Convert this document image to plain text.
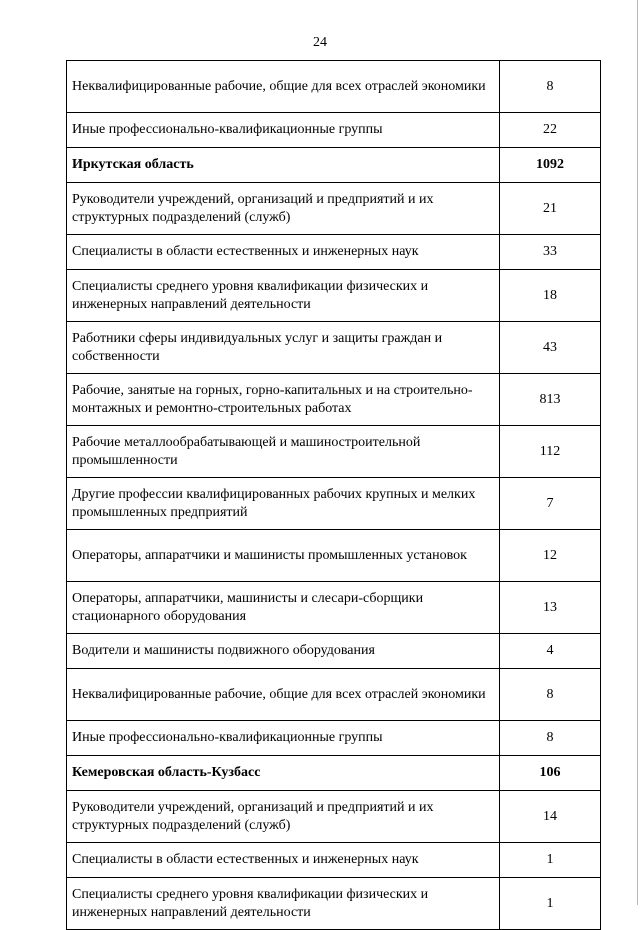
24
Неквалифицированные рабочие, общие для всех отраслей экономики	8
Иные профессионально-квалификационные группы	22
Иркутская область	1092
Руководители учреждений, организаций и предприятий и их структурных подразделений (служб)	21
Специалисты в области естественных и инженерных наук	33
Специалисты среднего уровня квалификации физических и инженерных направлений деятельности	18
Работники сферы индивидуальных услуг и защиты граждан и собственности	43
Рабочие, занятые на горных, горно-капитальных и на строительно-монтажных и ремонтно-строительных работах	813
Рабочие металлообрабатывающей и машиностроительной промышленности	112
Другие профессии квалифицированных рабочих крупных и мелких промышленных предприятий	7
Операторы, аппаратчики и машинисты промышленных установок	12
Операторы, аппаратчики, машинисты и слесари-сборщики стационарного оборудования	13
Водители и машинисты подвижного оборудования	4
Неквалифицированные рабочие, общие для всех отраслей экономики	8
Иные профессионально-квалификационные группы	8
Кемеровская область-Кузбасс	106
Руководители учреждений, организаций и предприятий и их структурных подразделений (служб)	14
Специалисты в области естественных и инженерных наук	1
Специалисты среднего уровня квалификации физических и инженерных направлений деятельности	1
